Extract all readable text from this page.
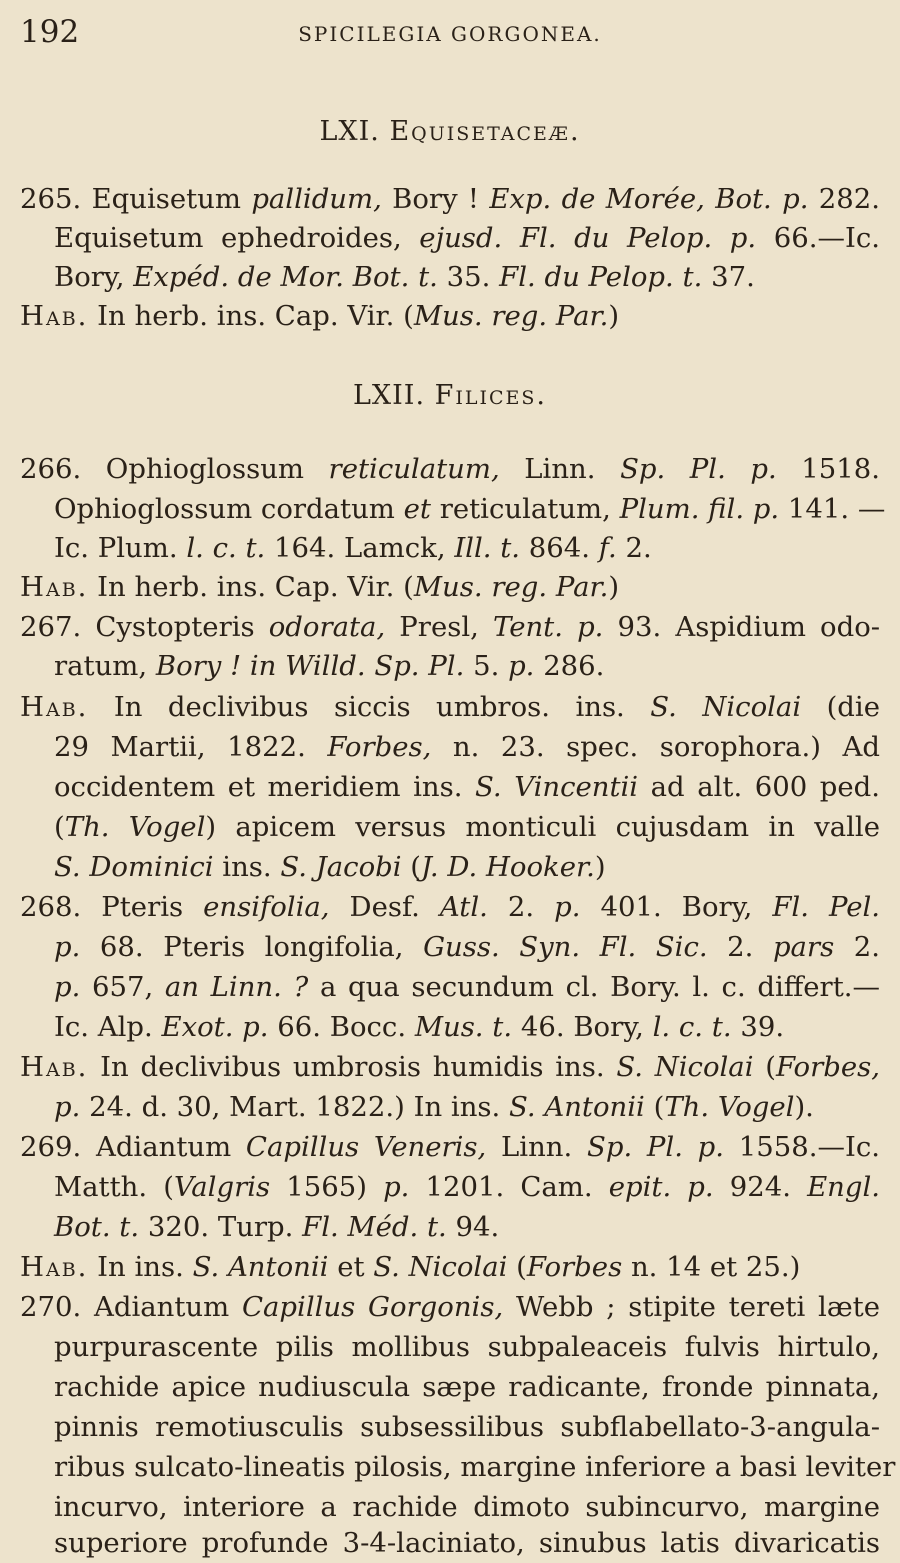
192	SPICILEGIA GORGONEA.
LXI. Equisetaceæ.
265. Equisetum pallidum, Bory ! Exp. de Morée, Bot. p. 282.
Equisetum ephedroides, ejusd. Fl. du Pelop. p. 66.—Ic.
Bory, Expéd. de Mor. Bot. t. 35. Fl. du Pelop. t. 37.
Hab. In herb. ins. Cap. Vir. (Mus. reg. Par.)
LXII. Filices.
266. Ophioglossum reticulatum, Linn. Sp. Pl. p. 1518.
Ophioglossum cordatum et reticulatum, Plum. fil. p. 141. —
Ic. Plum. l. c. t. 164. Lamck, Ill. t. 864. f. 2.
Hab. In herb. ins. Cap. Vir. (Mus. reg. Par.)
267. Cystopteris odorata, Presl, Tent. p. 93. Aspidium odo-
ratum, Bory ! in Willd. Sp. Pl. 5. p. 286.
Hab. In declivibus siccis umbros. ins. S. Nicolai (die
29 Martii, 1822. Forbes, n. 23. spec. sorophora.) Ad
occidentem et meridiem ins. S. Vincentii ad alt. 600 ped.
(Th. Vogel) apicem versus monticuli cujusdam in valle
S. Dominici ins. S. Jacobi (J. D. Hooker.)
268. Pteris ensifolia, Desf. Atl. 2. p. 401. Bory, Fl. Pel.
p. 68. Pteris longifolia, Guss. Syn. Fl. Sic. 2. pars 2.
p. 657, an Linn. ? a qua secundum cl. Bory. l. c. differt.—
Ic. Alp. Exot. p. 66. Bocc. Mus. t. 46. Bory, l. c. t. 39.
Hab. In declivibus umbrosis humidis ins. S. Nicolai (Forbes,
p. 24. d. 30, Mart. 1822.) In ins. S. Antonii (Th. Vogel).
269. Adiantum Capillus Veneris, Linn. Sp. Pl. p. 1558.—Ic.
Matth. (Valgris 1565) p. 1201. Cam. epit. p. 924. Engl.
Bot. t. 320. Turp. Fl. Méd. t. 94.
Hab. In ins. S. Antonii et S. Nicolai (Forbes n. 14 et 25.)
270. Adiantum Capillus Gorgonis, Webb ; stipite tereti læte
purpurascente pilis mollibus subpaleaceis fulvis hirtulo,
rachide apice nudiuscula sæpe radicante, fronde pinnata,
pinnis remotiusculis subsessilibus subflabellato-3-angula-
ribus sulcato-lineatis pilosis, margine inferiore a basi leviter
incurvo, interiore a rachide dimoto subincurvo, margine
superiore profunde 3-4-laciniato, sinubus latis divaricatis
